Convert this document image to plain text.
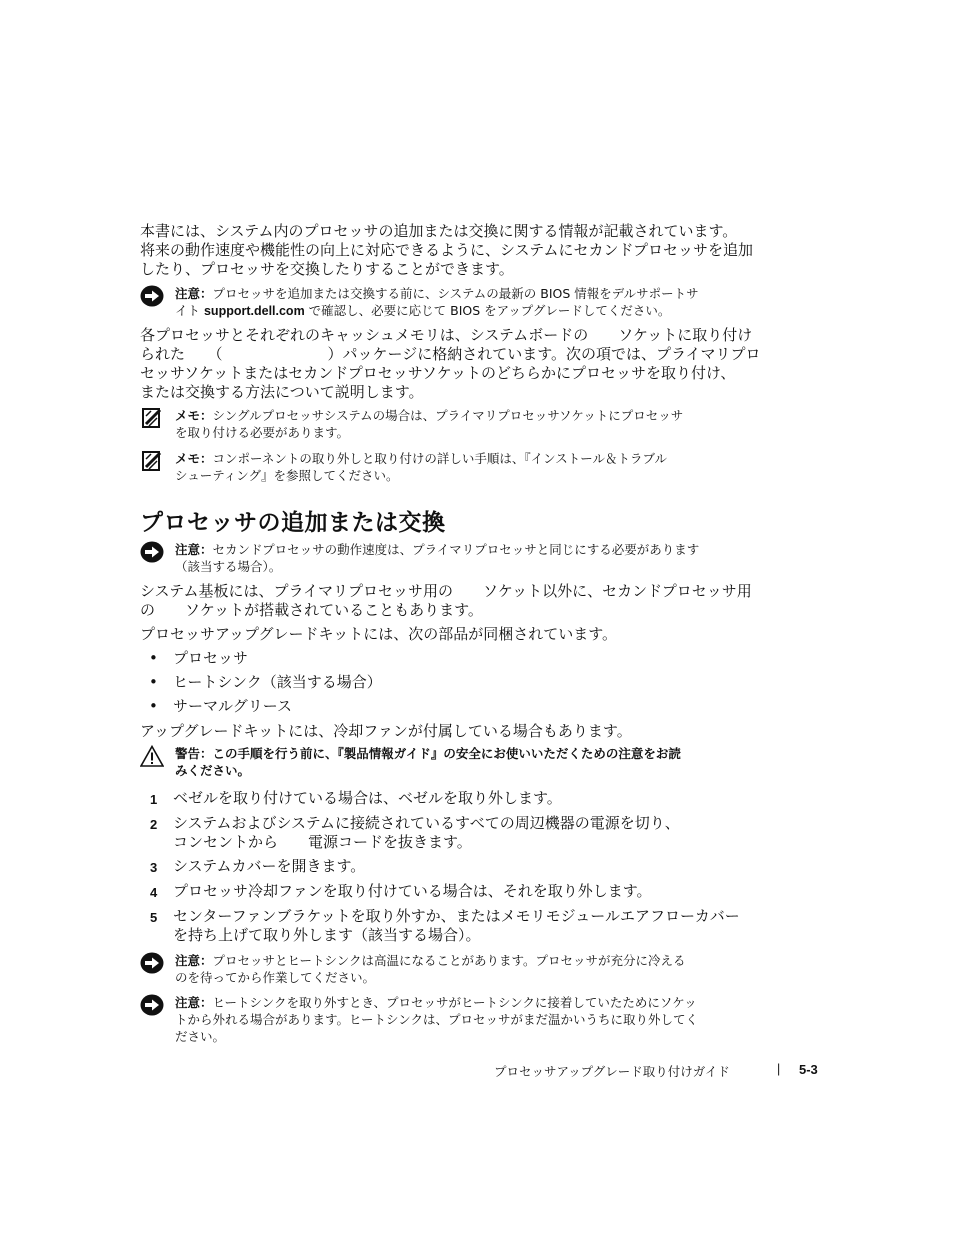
本書には、システム内のプロセッサの追加または交換に関する情報が記載されています。

将来の動作速度や機能性の向上に対応できるように、システムにセカンドプロセッサを追加

したり、プロセッサを交換したりすることができます。

注意：プロセッサを追加または交換する前に、システムの最新の BIOS 情報をデルサポートサ
イト support.dell.com で確認し、必要に応じて BIOS をアップグレードしてください。

各プロセッサとそれぞれのキャッシュメモリは、システムボードの　　ソケットに取り付け

られた　　（　　　　　　　）パッケージに格納されています。次の項では、プライマリプロ

セッサソケットまたはセカンドプロセッサソケットのどちらかにプロセッサを取り付け、

または交換する方法について説明します。

メモ：シングルプロセッサシステムの場合は、プライマリプロセッサソケットにプロセッサ
を取り付ける必要があります。
メモ：コンポーネントの取り外しと取り付けの詳しい手順は、『インストール＆トラブル
シューティング』を参照してください。
プロセッサの追加または交換
注意：セカンドプロセッサの動作速度は、プライマリプロセッサと同じにする必要があります
（該当する場合）。

システム基板には、プライマリプロセッサ用の　　ソケット以外に、セカンドプロセッサ用

の　　ソケットが搭載されていることもあります。

プロセッサアップグレードキットには、次の部品が同梱されています。

• プロセッサ
• ヒートシンク（該当する場合）
• サーマルグリース

アップグレードキットには、冷却ファンが付属している場合もあります。

警告：この手順を行う前に、『製品情報ガイド』の安全にお使いいただくための注意をお読
みください。
1 ベゼルを取り付けている場合は、ベゼルを取り外します。
2 システムおよびシステムに接続されているすべての周辺機器の電源を切り、
コンセントから　　電源コードを抜きます。
3 システムカバーを開きます。
4 プロセッサ冷却ファンを取り付けている場合は、それを取り外します。
5 センターファンブラケットを取り外すか、またはメモリモジュールエアフローカバー
を持ち上げて取り外します（該当する場合）。
注意：プロセッサとヒートシンクは高温になることがあります。プロセッサが充分に冷える
のを待ってから作業してください。
注意：ヒートシンクを取り外すとき、プロセッサがヒートシンクに接着していたためにソケッ
トから外れる場合があります。ヒートシンクは、プロセッサがまだ温かいうちに取り外してく
ださい。
プロセッサアップグレード取り付けガイド	| 5-3
